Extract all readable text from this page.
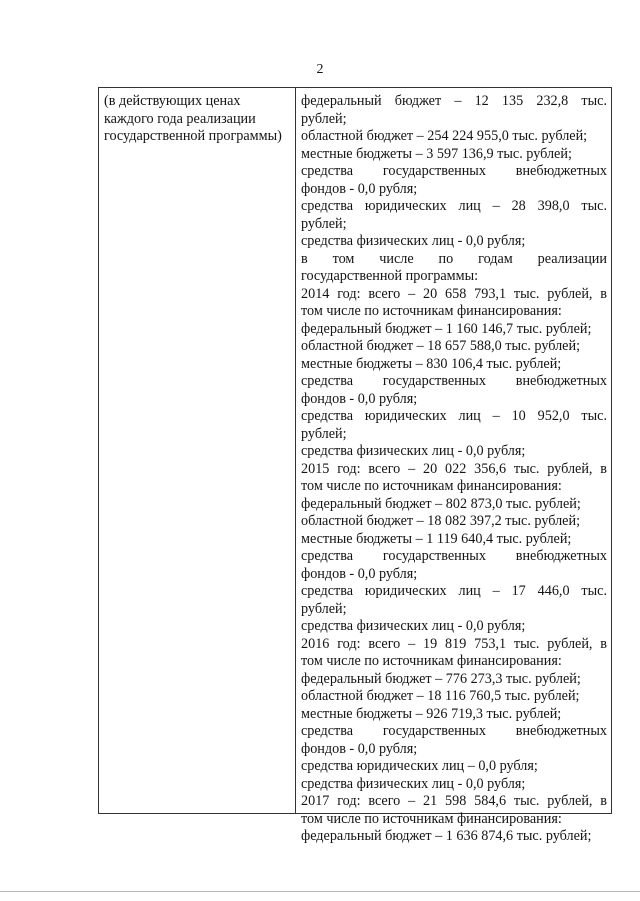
2
(в действующих ценах
каждого года реализации
государственной программы)
федеральный бюджет – 12 135 232,8 тыс.
рублей;
областной бюджет – 254 224 955,0 тыс. рублей;
местные бюджеты – 3 597 136,9 тыс. рублей;
средства государственных внебюджетных
фондов - 0,0 рубля;
средства юридических лиц – 28 398,0 тыс.
рублей;
средства физических лиц - 0,0 рубля;
в том числе по годам реализации
государственной программы:
2014 год: всего – 20 658 793,1 тыс. рублей, в
том числе по источникам финансирования:
федеральный бюджет – 1 160 146,7 тыс. рублей;
областной бюджет – 18 657 588,0 тыс. рублей;
местные бюджеты – 830 106,4 тыс. рублей;
средства государственных внебюджетных
фондов - 0,0 рубля;
средства юридических лиц – 10 952,0 тыс.
рублей;
средства физических лиц - 0,0 рубля;
2015 год: всего – 20 022 356,6 тыс. рублей, в
том числе по источникам финансирования:
федеральный бюджет – 802 873,0 тыс. рублей;
областной бюджет – 18 082 397,2 тыс. рублей;
местные бюджеты – 1 119 640,4 тыс. рублей;
средства государственных внебюджетных
фондов - 0,0 рубля;
средства юридических лиц – 17 446,0 тыс.
рублей;
средства физических лиц - 0,0 рубля;
2016 год: всего – 19 819 753,1 тыс. рублей, в
том числе по источникам финансирования:
федеральный бюджет – 776 273,3 тыс. рублей;
областной бюджет – 18 116 760,5 тыс. рублей;
местные бюджеты – 926 719,3 тыс. рублей;
средства государственных внебюджетных
фондов - 0,0 рубля;
средства юридических лиц – 0,0 рубля;
средства физических лиц - 0,0 рубля;
2017 год: всего – 21 598 584,6 тыс. рублей, в
том числе по источникам финансирования:
федеральный бюджет – 1 636 874,6 тыс. рублей;
